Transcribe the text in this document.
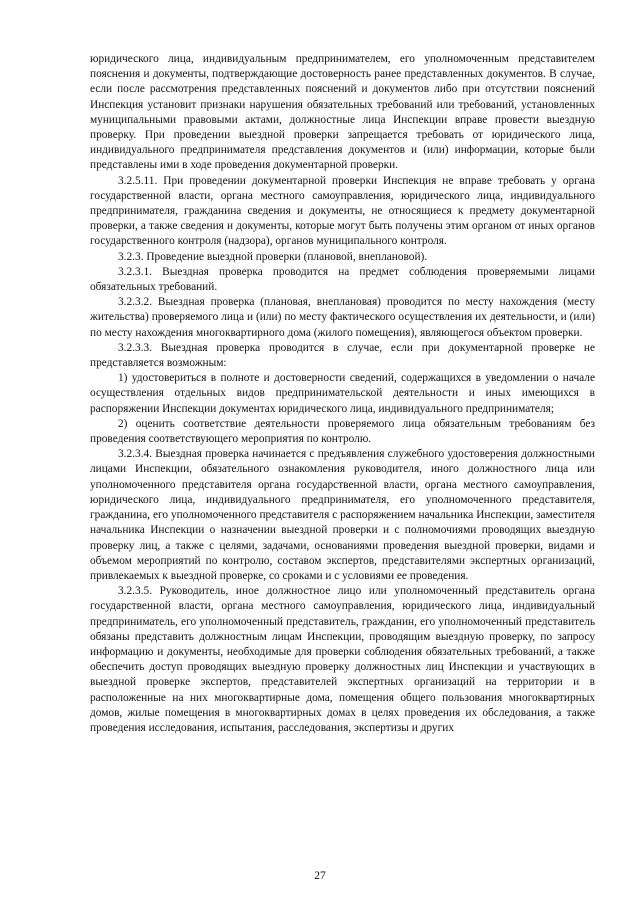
юридического лица, индивидуальным предпринимателем, его уполномоченным представителем пояснения и документы, подтверждающие достоверность ранее представленных документов. В случае, если после рассмотрения представленных пояснений и документов либо при отсутствии пояснений Инспекция установит признаки нарушения обязательных требований или требований, установленных муниципальными правовыми актами, должностные лица Инспекции вправе провести выездную проверку. При проведении выездной проверки запрещается требовать от юридического лица, индивидуального предпринимателя представления документов и (или) информации, которые были представлены ими в ходе проведения документарной проверки.

3.2.5.11. При проведении документарной проверки Инспекция не вправе требовать у органа государственной власти, органа местного самоуправления, юридического лица, индивидуального предпринимателя, гражданина сведения и документы, не относящиеся к предмету документарной проверки, а также сведения и документы, которые могут быть получены этим органом от иных органов государственного контроля (надзора), органов муниципального контроля.

3.2.3. Проведение выездной проверки (плановой, внеплановой).

3.2.3.1. Выездная проверка проводится на предмет соблюдения проверяемыми лицами обязательных требований.

3.2.3.2. Выездная проверка (плановая, внеплановая) проводится по месту нахождения (месту жительства) проверяемого лица и (или) по месту фактического осуществления их деятельности, и (или) по месту нахождения многоквартирного дома (жилого помещения), являющегося объектом проверки.

3.2.3.3. Выездная проверка проводится в случае, если при документарной проверке не представляется возможным:

1) удостовериться в полноте и достоверности сведений, содержащихся в уведомлении о начале осуществления отдельных видов предпринимательской деятельности и иных имеющихся в распоряжении Инспекции документах юридического лица, индивидуального предпринимателя;

2) оценить соответствие деятельности проверяемого лица обязательным требованиям без проведения соответствующего мероприятия по контролю.

3.2.3.4. Выездная проверка начинается с предъявления служебного удостоверения должностными лицами Инспекции, обязательного ознакомления руководителя, иного должностного лица или уполномоченного представителя органа государственной власти, органа местного самоуправления, юридического лица, индивидуального предпринимателя, его уполномоченного представителя, гражданина, его уполномоченного представителя с распоряжением начальника Инспекции, заместителя начальника Инспекции о назначении выездной проверки и с полномочиями проводящих выездную проверку лиц, а также с целями, задачами, основаниями проведения выездной проверки, видами и объемом мероприятий по контролю, составом экспертов, представителями экспертных организаций, привлекаемых к выездной проверке, со сроками и с условиями ее проведения.

3.2.3.5. Руководитель, иное должностное лицо или уполномоченный представитель органа государственной власти, органа местного самоуправления, юридического лица, индивидуальный предприниматель, его уполномоченный представитель, гражданин, его уполномоченный представитель обязаны представить должностным лицам Инспекции, проводящим выездную проверку, по запросу информацию и документы, необходимые для проверки соблюдения обязательных требований, а также обеспечить доступ проводящих выездную проверку должностных лиц Инспекции и участвующих в выездной проверке экспертов, представителей экспертных организаций на территории и в расположенные на них многоквартирные дома, помещения общего пользования многоквартирных домов, жилые помещения в многоквартирных домах в целях проведения их обследования, а также проведения исследования, испытания, расследования, экспертизы и других

27
